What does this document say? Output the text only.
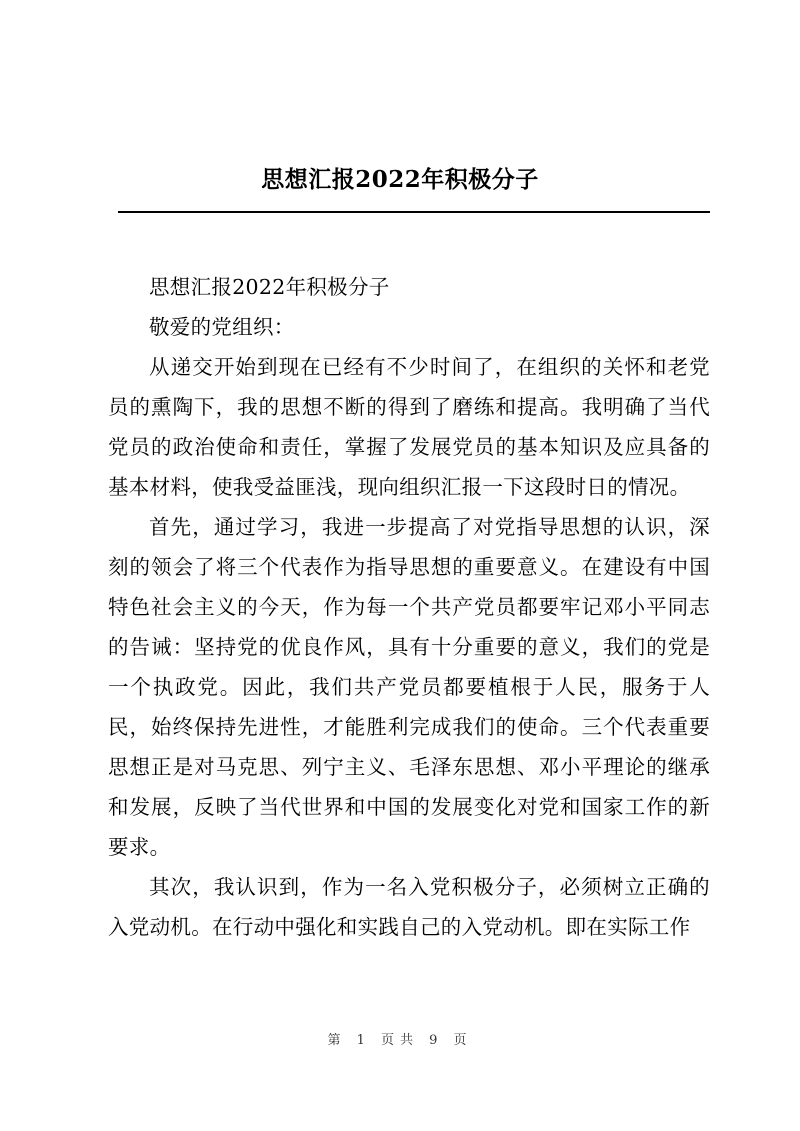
思想汇报2022年积极分子

思想汇报2022年积极分子

敬爱的党组织：

从递交开始到现在已经有不少时间了，在组织的关怀和老党员的熏陶下，我的思想不断的得到了磨练和提高。我明确了当代党员的政治使命和责任，掌握了发展党员的基本知识及应具备的基本材料，使我受益匪浅，现向组织汇报一下这段时日的情况。

首先，通过学习，我进一步提高了对党指导思想的认识，深刻的领会了将三个代表作为指导思想的重要意义。在建设有中国特色社会主义的今天，作为每一个共产党员都要牢记邓小平同志的告诫：坚持党的优良作风，具有十分重要的意义，我们的党是一个执政党。因此，我们共产党员都要植根于人民，服务于人民，始终保持先进性，才能胜利完成我们的使命。三个代表重要思想正是对马克思、列宁主义、毛泽东思想、邓小平理论的继承和发展，反映了当代世界和中国的发展变化对党和国家工作的新要求。

其次，我认识到，作为一名入党积极分子，必须树立正确的入党动机。在行动中强化和实践自己的入党动机。即在实际工作

第 1 页共 9 页
